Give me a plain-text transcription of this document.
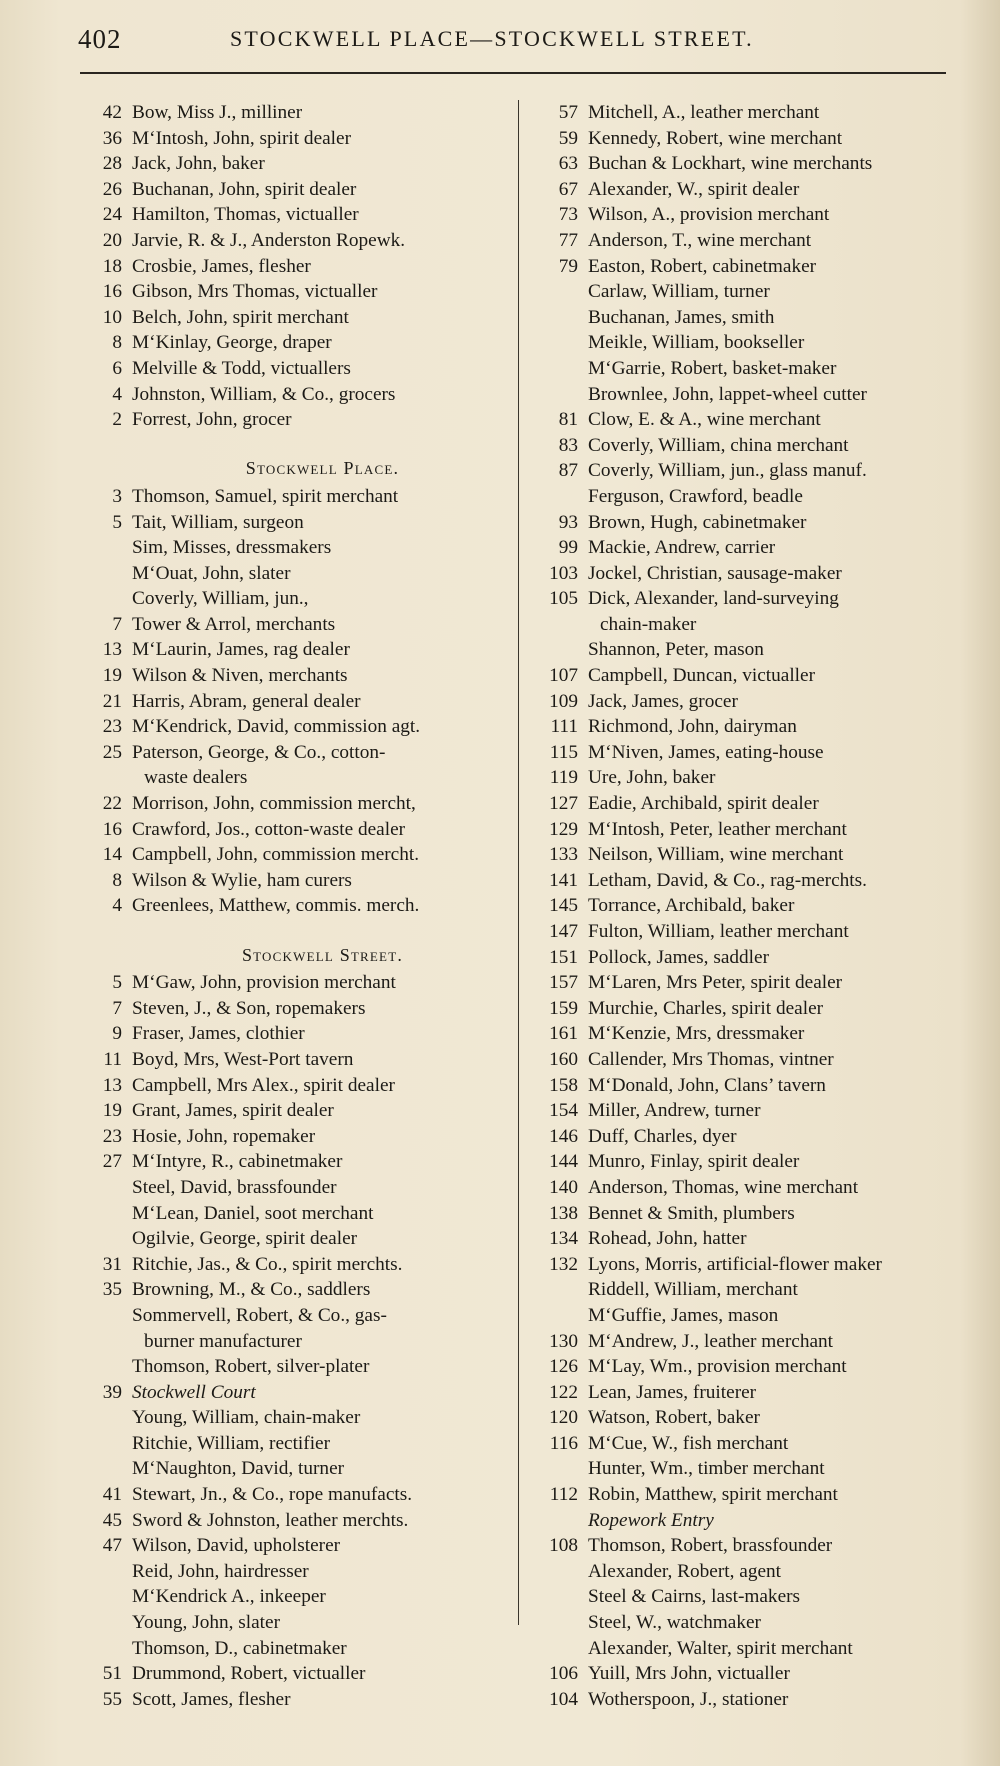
402	STOCKWELL PLACE—STOCKWELL STREET.
42 Bow, Miss J., milliner
36 M‘Intosh, John, spirit dealer
28 Jack, John, baker
26 Buchanan, John, spirit dealer
24 Hamilton, Thomas, victualler
20 Jarvie, R. & J., Anderston Ropewk.
18 Crosbie, James, flesher
16 Gibson, Mrs Thomas, victualler
10 Belch, John, spirit merchant
8 M‘Kinlay, George, draper
6 Melville & Todd, victuallers
4 Johnston, William, & Co., grocers
2 Forrest, John, grocer
Stockwell Place.
3 Thomson, Samuel, spirit merchant
5 Tait, William, surgeon
Sim, Misses, dressmakers
M‘Ouat, John, slater
Coverly, William, jun.,
7 Tower & Arrol, merchants
13 M‘Laurin, James, rag dealer
19 Wilson & Niven, merchants
21 Harris, Abram, general dealer
23 M‘Kendrick, David, commission agt.
25 Paterson, George, & Co., cotton-
waste dealers
22 Morrison, John, commission mercht,
16 Crawford, Jos., cotton-waste dealer
14 Campbell, John, commission mercht.
8 Wilson & Wylie, ham curers
4 Greenlees, Matthew, commis. merch.
Stockwell Street.
5 M‘Gaw, John, provision merchant
7 Steven, J., & Son, ropemakers
9 Fraser, James, clothier
11 Boyd, Mrs, West-Port tavern
13 Campbell, Mrs Alex., spirit dealer
19 Grant, James, spirit dealer
23 Hosie, John, ropemaker
27 M‘Intyre, R., cabinetmaker
Steel, David, brassfounder
M‘Lean, Daniel, soot merchant
Ogilvie, George, spirit dealer
31 Ritchie, Jas., & Co., spirit merchts.
35 Browning, M., & Co., saddlers
Sommervell, Robert, & Co., gas-
burner manufacturer
Thomson, Robert, silver-plater
39 Stockwell Court
Young, William, chain-maker
Ritchie, William, rectifier
M‘Naughton, David, turner
41 Stewart, Jn., & Co., rope manufacts.
45 Sword & Johnston, leather merchts.
47 Wilson, David, upholsterer
Reid, John, hairdresser
M‘Kendrick A., inkeeper
Young, John, slater
Thomson, D., cabinetmaker
51 Drummond, Robert, victualler
55 Scott, James, flesher
57 Mitchell, A., leather merchant
59 Kennedy, Robert, wine merchant
63 Buchan & Lockhart, wine merchants
67 Alexander, W., spirit dealer
73 Wilson, A., provision merchant
77 Anderson, T., wine merchant
79 Easton, Robert, cabinetmaker
Carlaw, William, turner
Buchanan, James, smith
Meikle, William, bookseller
M‘Garrie, Robert, basket-maker
Brownlee, John, lappet-wheel cutter
81 Clow, E. & A., wine merchant
83 Coverly, William, china merchant
87 Coverly, William, jun., glass manuf.
Ferguson, Crawford, beadle
93 Brown, Hugh, cabinetmaker
99 Mackie, Andrew, carrier
103 Jockel, Christian, sausage-maker
105 Dick, Alexander, land-surveying
chain-maker
Shannon, Peter, mason
107 Campbell, Duncan, victualler
109 Jack, James, grocer
111 Richmond, John, dairyman
115 M‘Niven, James, eating-house
119 Ure, John, baker
127 Eadie, Archibald, spirit dealer
129 M‘Intosh, Peter, leather merchant
133 Neilson, William, wine merchant
141 Letham, David, & Co., rag-merchts.
145 Torrance, Archibald, baker
147 Fulton, William, leather merchant
151 Pollock, James, saddler
157 M‘Laren, Mrs Peter, spirit dealer
159 Murchie, Charles, spirit dealer
161 M‘Kenzie, Mrs, dressmaker
160 Callender, Mrs Thomas, vintner
158 M‘Donald, John, Clans’ tavern
154 Miller, Andrew, turner
146 Duff, Charles, dyer
144 Munro, Finlay, spirit dealer
140 Anderson, Thomas, wine merchant
138 Bennet & Smith, plumbers
134 Rohead, John, hatter
132 Lyons, Morris, artificial-flower maker
Riddell, William, merchant
M‘Guffie, James, mason
130 M‘Andrew, J., leather merchant
126 M‘Lay, Wm., provision merchant
122 Lean, James, fruiterer
120 Watson, Robert, baker
116 M‘Cue, W., fish merchant
Hunter, Wm., timber merchant
112 Robin, Matthew, spirit merchant
Ropework Entry
108 Thomson, Robert, brassfounder
Alexander, Robert, agent
Steel & Cairns, last-makers
Steel, W., watchmaker
Alexander, Walter, spirit merchant
106 Yuill, Mrs John, victualler
104 Wotherspoon, J., stationer
